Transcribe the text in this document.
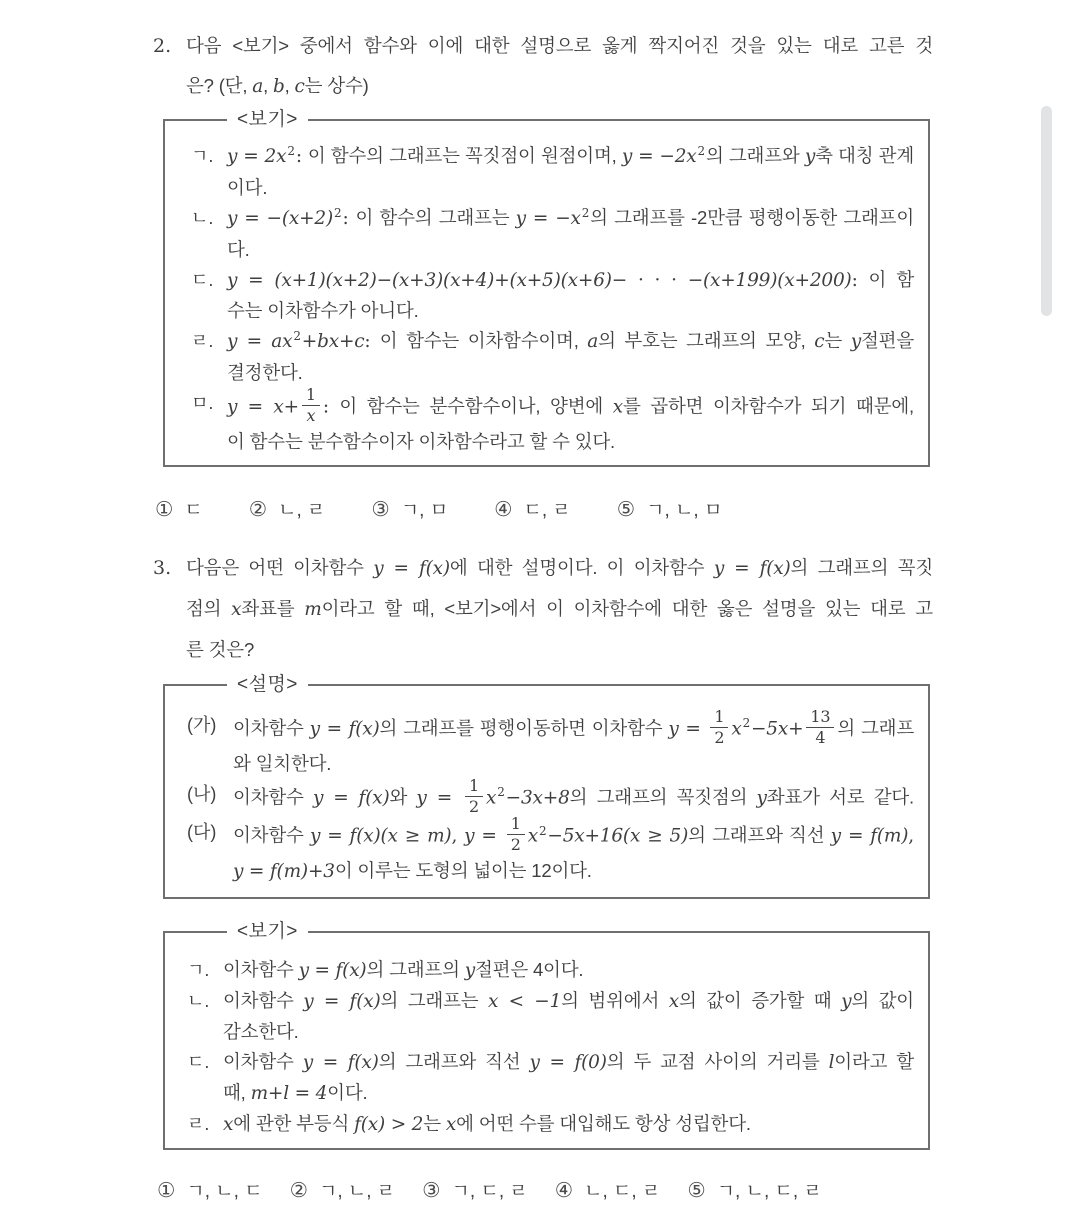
2. 다음 <보기> 중에서 함수와 이에 대한 설명으로 옳게 짝지어진 것을 있는 대로 고른 것
은? (단, a, b, c는 상수)
<보기>
ㄱ. $y = 2x^2$: 이 함수의 그래프는 꼭짓점이 원점이며, $y = -2x^2$의 그래프와 y축 대칭 관계
이다.
ㄴ. $y = -(x+2)^2$: 이 함수의 그래프는 $y = -x^2$의 그래프를 -2만큼 평행이동한 그래프이
다.
ㄷ. y = (x+1)(x+2)−(x+3)(x+4)+(x+5)(x+6)− · · · −(x+199)(x+200): 이 함
수는 이차함수가 아니다.
ㄹ. $y = ax^2+bx+c$: 이 함수는 이차함수이며, a의 부호는 그래프의 모양, c는 y절편을
결정한다.
ㅁ. $y = x+ \frac{1}{x}$ : 이 함수는 분수함수이나, 양변에 x를 곱하면 이차함수가 되기 때문에,
이 함수는 분수함수이자 이차함수라고 할 수 있다.
① ㄷ ② ㄴ, ㄹ ③ ㄱ, ㅁ ④ ㄷ, ㄹ ⑤ ㄱ, ㄴ, ㅁ
3. 다음은 어떤 이차함수 y = f(x)에 대한 설명이다. 이 이차함수 y = f(x)의 그래프의 꼭짓
점의 x좌표를 m이라고 할 때, <보기>에서 이 이차함수에 대한 옳은 설명을 있는 대로 고
른 것은?
<설명>
(가) 이차함수 y = f(x)의 그래프를 평행이동하면 이차함수 $y = \frac{1}{2} x^2-5x+ \frac{13}{4}$ 의 그래프
와 일치한다.
(나) 이차함수 y = f(x)와 $y = \frac{1}{2} x^2-3x+8$의 그래프의 꼭짓점의 y좌표가 서로 같다.
(다) 이차함수 y = f(x)(x ≥ m), $y = \frac{1}{2} x^2-5x+16(x \ge 5)$의 그래프와 직선 y = f(m),
y = f(m)+3이 이루는 도형의 넓이는 12이다.
<보기>
ㄱ. 이차함수 y = f(x)의 그래프의 y절편은 4이다.
ㄴ. 이차함수 y = f(x)의 그래프는 x < −1의 범위에서 x의 값이 증가할 때 y의 값이
감소한다.
ㄷ. 이차함수 y = f(x)의 그래프와 직선 y = f(0)의 두 교점 사이의 거리를 l이라고 할
때, m+l = 4이다.
ㄹ. x에 관한 부등식 f(x) > 2는 x에 어떤 수를 대입해도 항상 성립한다.
① ㄱ, ㄴ, ㄷ ② ㄱ, ㄴ, ㄹ ③ ㄱ, ㄷ, ㄹ ④ ㄴ, ㄷ, ㄹ ⑤ ㄱ, ㄴ, ㄷ, ㄹ
